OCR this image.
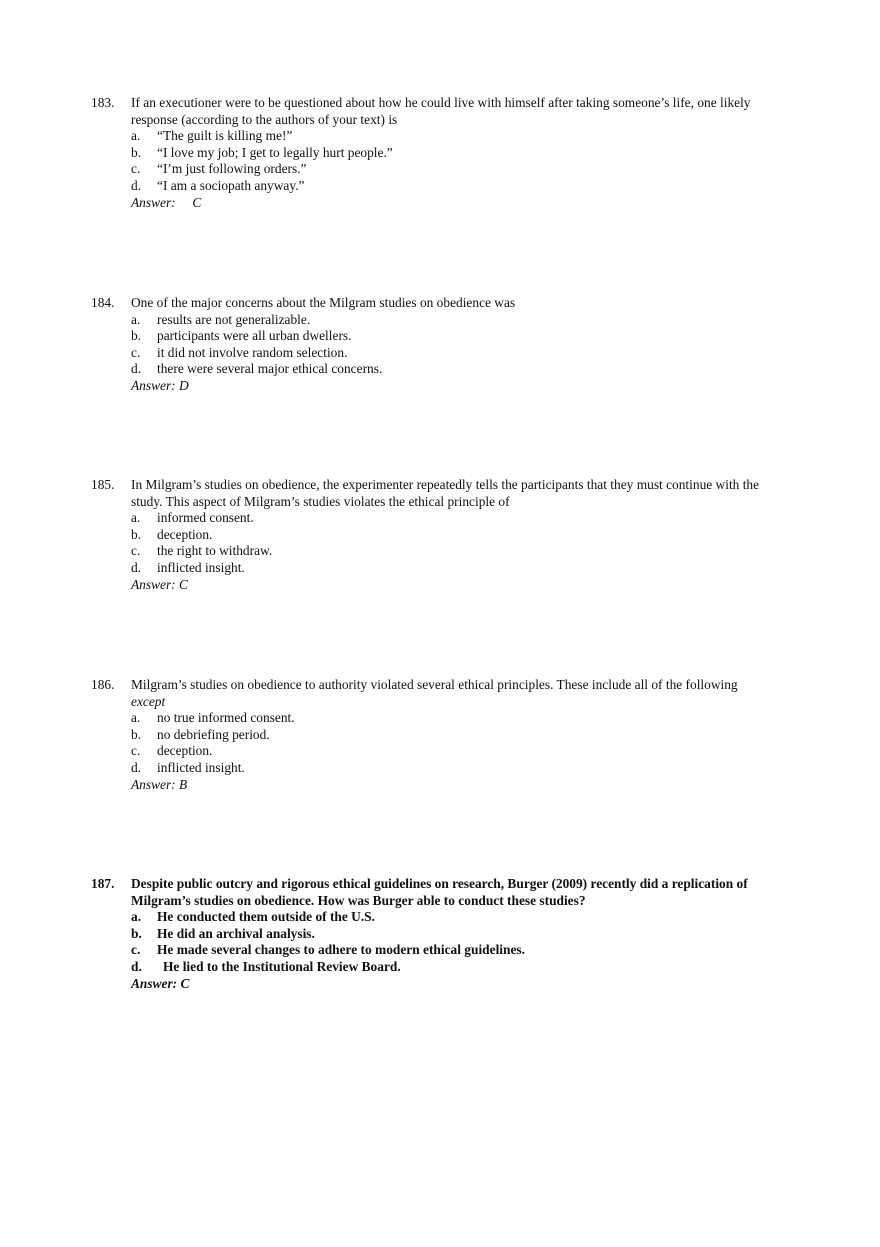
183. If an executioner were to be questioned about how he could live with himself after taking someone’s life, one likely response (according to the authors of your text) is
a. “The guilt is killing me!”
b. “I love my job; I get to legally hurt people.”
c. “I’m just following orders.”
d. “I am a sociopath anyway.”
Answer: C
184. One of the major concerns about the Milgram studies on obedience was
a. results are not generalizable.
b. participants were all urban dwellers.
c. it did not involve random selection.
d. there were several major ethical concerns.
Answer: D
185. In Milgram’s studies on obedience, the experimenter repeatedly tells the participants that they must continue with the study. This aspect of Milgram’s studies violates the ethical principle of
a. informed consent.
b. deception.
c. the right to withdraw.
d. inflicted insight.
Answer: C
186. Milgram’s studies on obedience to authority violated several ethical principles. These include all of the following
except
a. no true informed consent.
b. no debriefing period.
c. deception.
d. inflicted insight.
Answer: B
187. Despite public outcry and rigorous ethical guidelines on research, Burger (2009) recently did a replication of Milgram’s studies on obedience. How was Burger able to conduct these studies?
a. He conducted them outside of the U.S.
b. He did an archival analysis.
c. He made several changes to adhere to modern ethical guidelines.
d. He lied to the Institutional Review Board.
Answer: C
